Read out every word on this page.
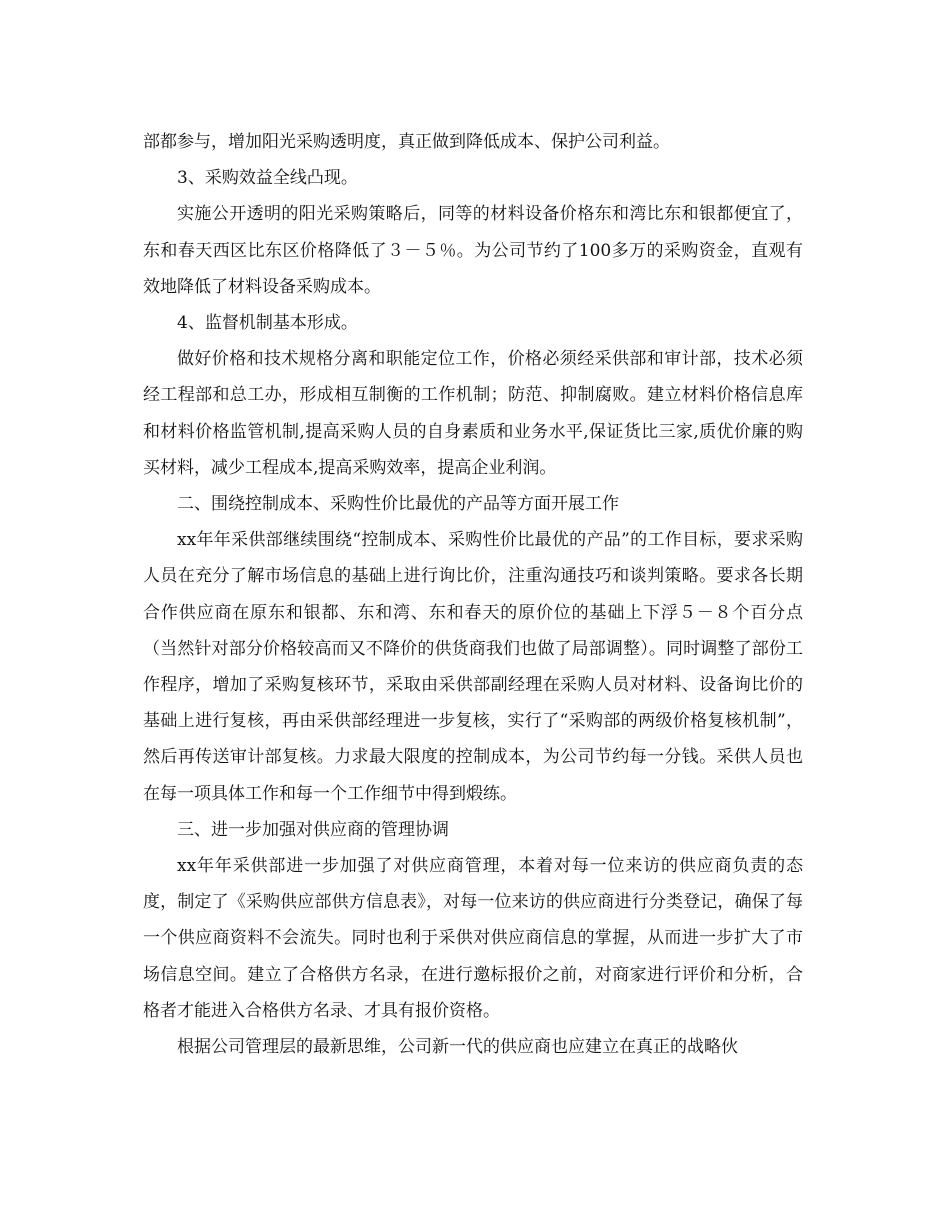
部都参与，增加阳光采购透明度，真正做到降低成本、保护公司利益。

3、采购效益全线凸现。

实施公开透明的阳光采购策略后，同等的材料设备价格东和湾比东和银都便宜了，东和春天西区比东区价格降低了３－５％。为公司节约了100多万的采购资金，直观有效地降低了材料设备采购成本。

4、监督机制基本形成。

做好价格和技术规格分离和职能定位工作，价格必须经采供部和审计部，技术必须经工程部和总工办，形成相互制衡的工作机制；防范、抑制腐败。建立材料价格信息库和材料价格监管机制,提高采购人员的自身素质和业务水平,保证货比三家,质优价廉的购买材料，减少工程成本,提高采购效率，提高企业利润。

二、围绕控制成本、采购性价比最优的产品等方面开展工作

xx年年采供部继续围绕“控制成本、采购性价比最优的产品”的工作目标，要求采购人员在充分了解市场信息的基础上进行询比价，注重沟通技巧和谈判策略。要求各长期合作供应商在原东和银都、东和湾、东和春天的原价位的基础上下浮５－８个百分点（当然针对部分价格较高而又不降价的供货商我们也做了局部调整）。同时调整了部份工作程序，增加了采购复核环节，采取由采供部副经理在采购人员对材料、设备询比价的基础上进行复核，再由采供部经理进一步复核，实行了“采购部的两级价格复核机制”，然后再传送审计部复核。力求最大限度的控制成本，为公司节约每一分钱。采供人员也在每一项具体工作和每一个工作细节中得到煅练。

三、进一步加强对供应商的管理协调

xx年年采供部进一步加强了对供应商管理，本着对每一位来访的供应商负责的态度，制定了《采购供应部供方信息表》，对每一位来访的供应商进行分类登记，确保了每一个供应商资料不会流失。同时也利于采供对供应商信息的掌握，从而进一步扩大了市场信息空间。建立了合格供方名录，在进行邀标报价之前，对商家进行评价和分析，合格者才能进入合格供方名录、才具有报价资格。

根据公司管理层的最新思维，公司新一代的供应商也应建立在真正的战略伙
